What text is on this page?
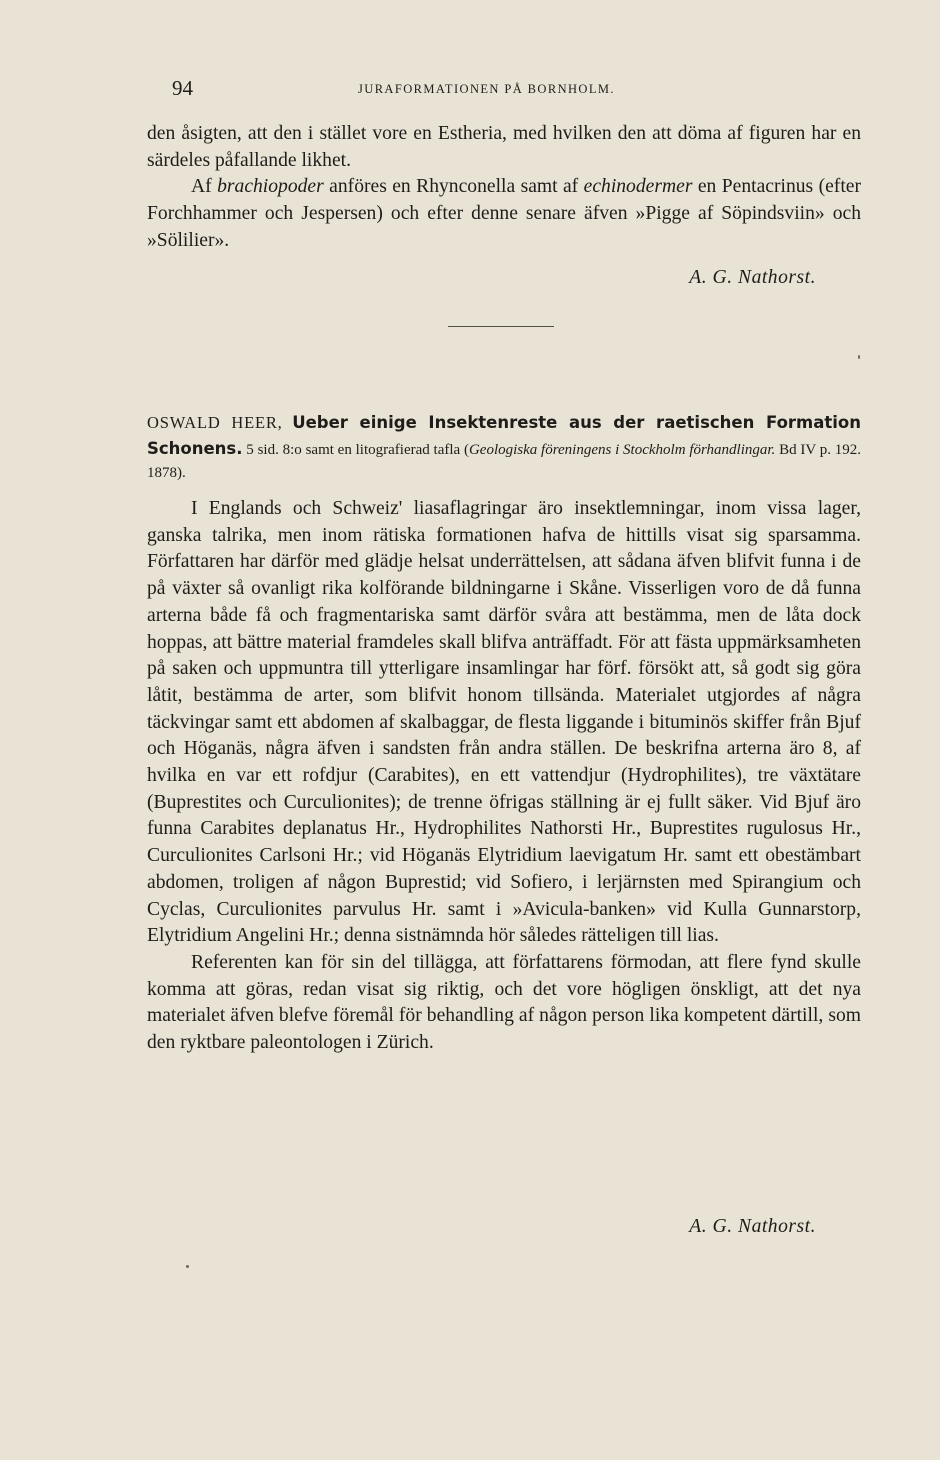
94	JURAFORMATIONEN PÅ BORNHOLM.

den åsigten, att den i stället vore en Estheria, med hvilken den att döma af figuren har en särdeles påfallande likhet.

Af brachiopoder anföres en Rhynconella samt af echinodermer en Pentacrinus (efter Forchhammer och Jespersen) och efter denne senare äfven »Pigge af Söpindsviin» och »Sölilier».

A. G. Nathorst.
OSWALD HEER, Ueber einige Insektenreste aus der raetischen Formation Schonens. 5 sid. 8:o samt en litografierad tafla (Geologiska föreningens i Stockholm förhandlingar. Bd IV p. 192. 1878).

I Englands och Schweiz' liasaflagringar äro insektlemningar, inom vissa lager, ganska talrika, men inom rätiska formationen hafva de hittills visat sig sparsamma. Författaren har därför med glädje helsat underrättelsen, att sådana äfven blifvit funna i de på växter så ovanligt rika kolförande bildningarne i Skåne. Visserligen voro de då funna arterna både få och fragmentariska samt därför svåra att bestämma, men de låta dock hoppas, att bättre material framdeles skall blifva anträffadt. För att fästa uppmärksamheten på saken och uppmuntra till ytterligare insamlingar har förf. försökt att, så godt sig göra låtit, bestämma de arter, som blifvit honom tillsända. Materialet utgjordes af några täckvingar samt ett abdomen af skalbaggar, de flesta liggande i bituminös skiffer från Bjuf och Höganäs, några äfven i sandsten från andra ställen. De beskrifna arterna äro 8, af hvilka en var ett rofdjur (Carabites), en ett vattendjur (Hydrophilites), tre växtätare (Buprestites och Curculionites); de trenne öfrigas ställning är ej fullt säker. Vid Bjuf äro funna Carabites deplanatus Hr., Hydrophilites Nathorsti Hr., Buprestites rugulosus Hr., Curculionites Carlsoni Hr.; vid Höganäs Elytridium laevigatum Hr. samt ett obestämbart abdomen, troligen af någon Buprestid; vid Sofiero, i lerjärnsten med Spirangium och Cyclas, Curculionites parvulus Hr. samt i »Avicula-banken» vid Kulla Gunnarstorp, Elytridium Angelini Hr.; denna sistnämnda hör således rätteligen till lias.

Referenten kan för sin del tillägga, att författarens förmodan, att flere fynd skulle komma att göras, redan visat sig riktig, och det vore högligen önskligt, att det nya materialet äfven blefve föremål för behandling af någon person lika kompetent därtill, som den ryktbare paleontologen i Zürich.

A. G. Nathorst.
